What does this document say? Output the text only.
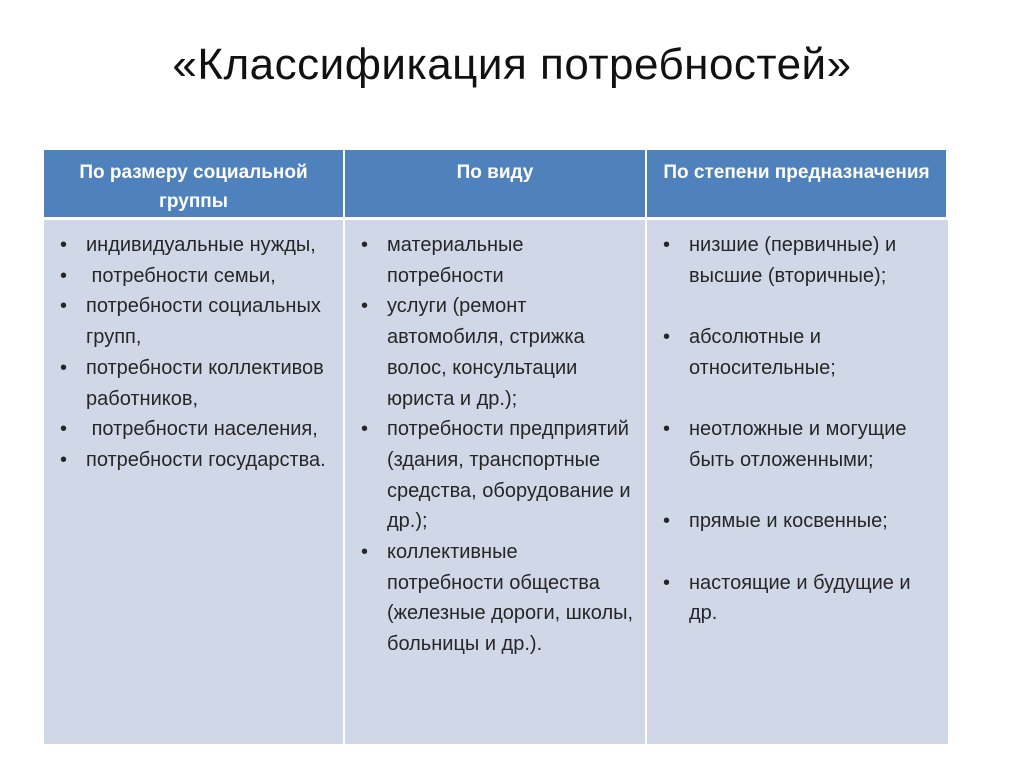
«Классификация потребностей»
По размеру социальной группы
По виду	По степени предназначения
• индивидуальные нужды,
• потребности семьи,
• потребности социальных групп,
• потребности коллективов работников,
• потребности населения,
• потребности государства.
• материальные потребности
• услуги (ремонт автомобиля, стрижка волос, консультации юриста и др.);
• потребности предприятий (здания, транспортные средства, оборудование и др.);
• коллективные потребности общества (железные дороги, школы, больницы и др.).
• низшие (первичные) и высшие (вторичные);
• абсолютные и относительные;
• неотложные и могущие быть отложенными;
• прямые и косвенные;
• настоящие и будущие и др.
